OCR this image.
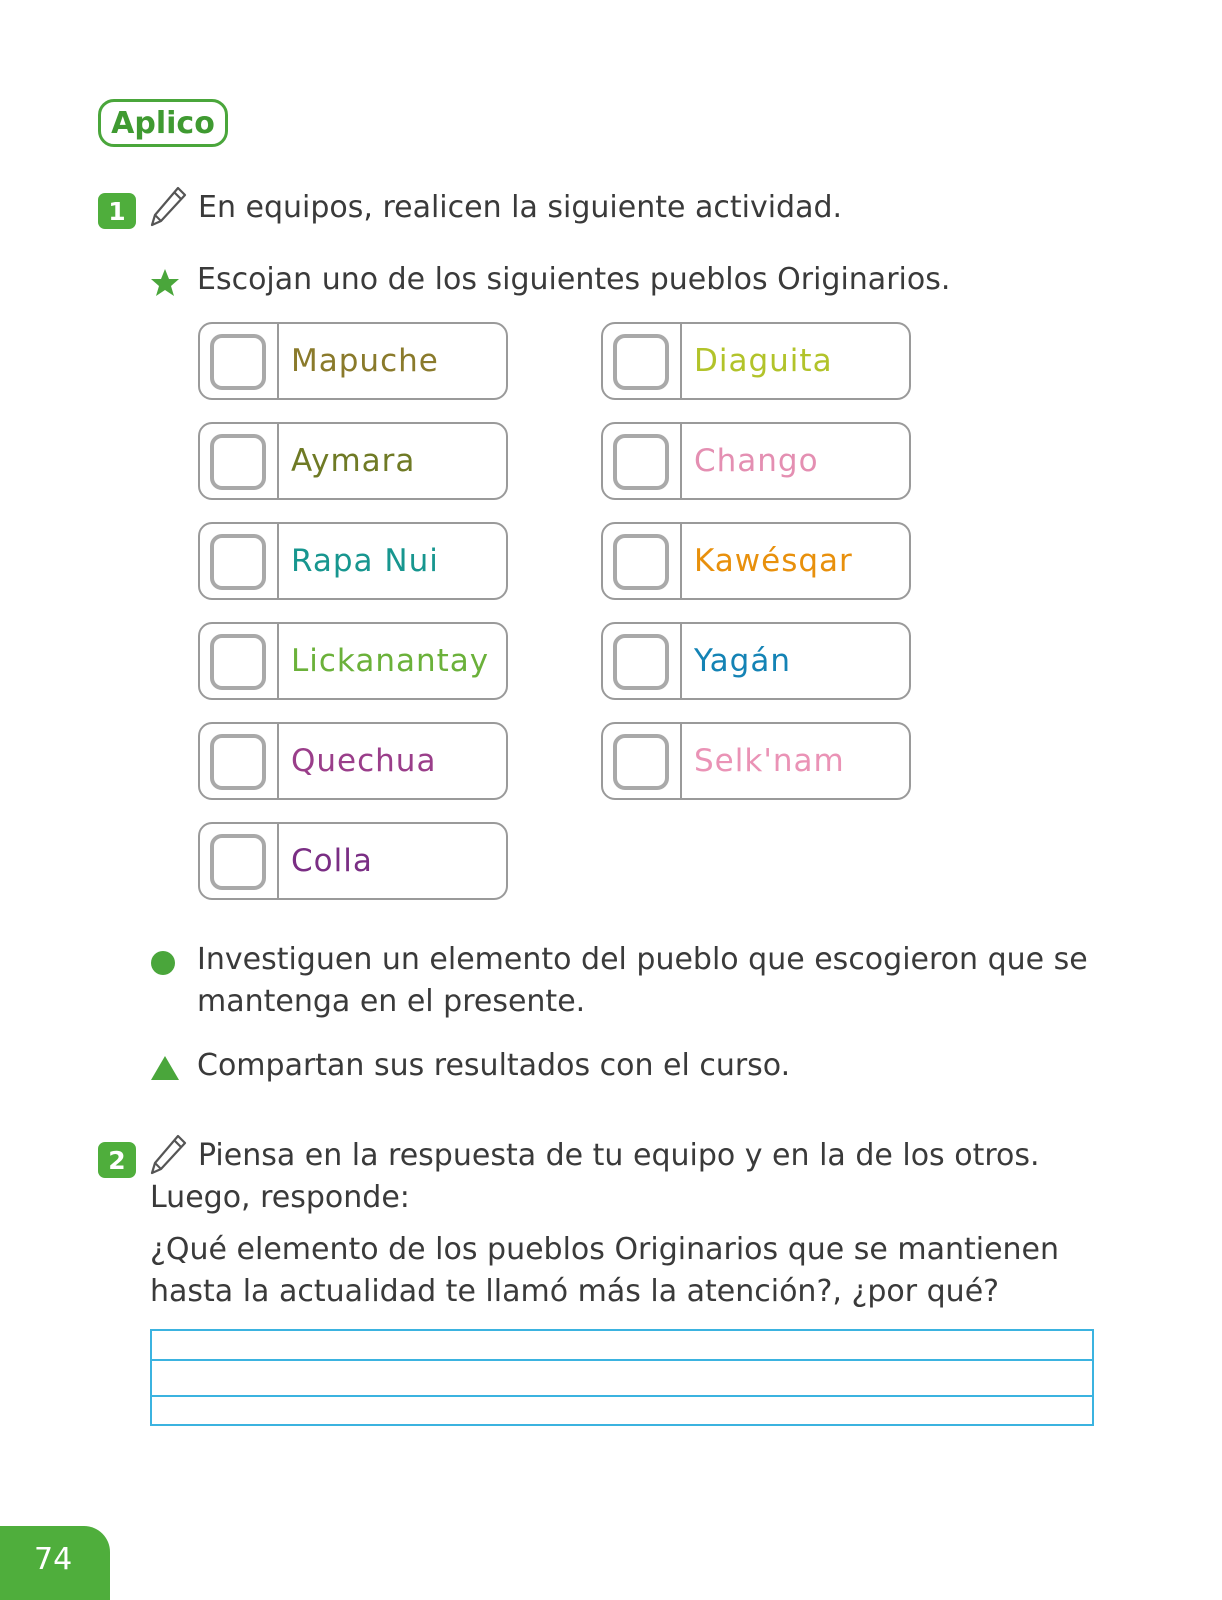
Aplico
1 En equipos, realicen la siguiente actividad.
Escojan uno de los siguientes pueblos Originarios.
Mapuche
Aymara
Rapa Nui
Lickanantay
Quechua
Colla
Diaguita
Chango
Kawésqar
Yagán
Selk'nam
Investiguen un elemento del pueblo que escogieron que se
mantenga en el presente.
Compartan sus resultados con el curso.
2 Piensa en la respuesta de tu equipo y en la de los otros.
Luego, responde:
¿Qué elemento de los pueblos Originarios que se mantienen
hasta la actualidad te llamó más la atención?, ¿por qué?
74
